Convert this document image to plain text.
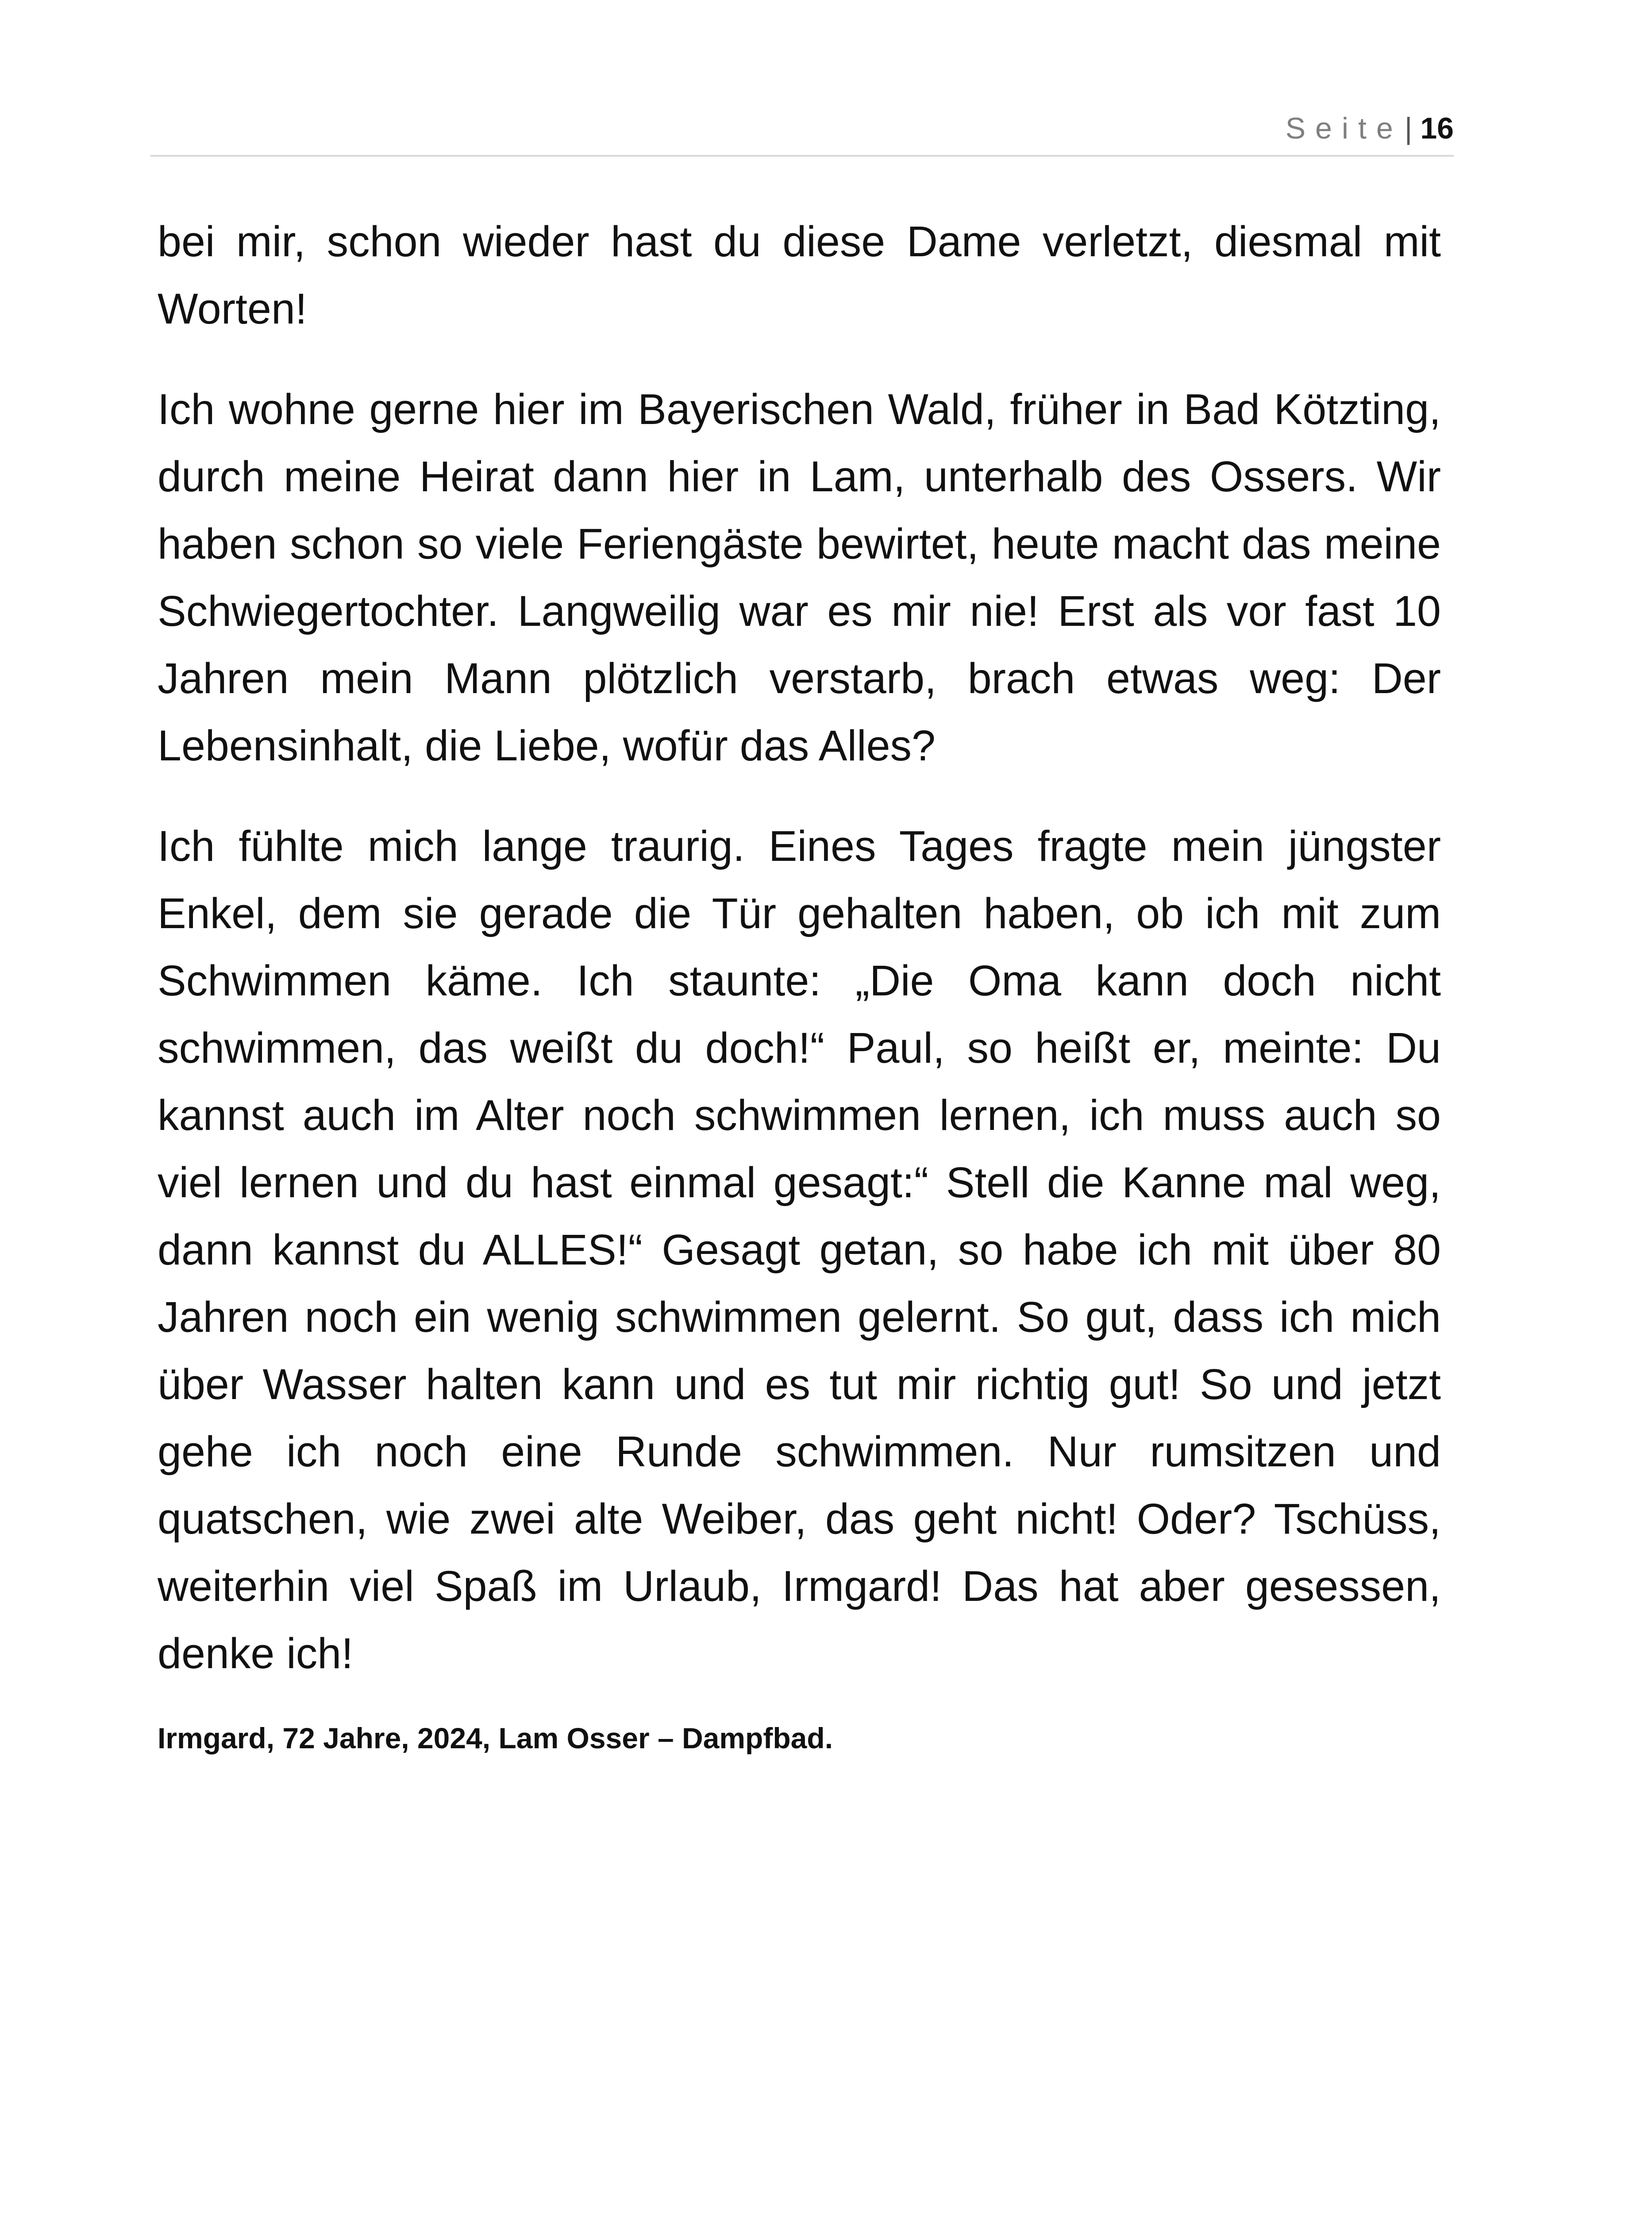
Seite| 16

bei mir, schon wieder hast du diese Dame verletzt, diesmal mit Worten!

Ich wohne gerne hier im Bayerischen Wald, früher in Bad Kötzting, durch meine Heirat dann hier in Lam, unterhalb des Ossers. Wir haben schon so viele Feriengäste bewirtet, heute macht das meine Schwiegertochter. Langweilig war es mir nie! Erst als vor fast 10 Jahren mein Mann plötzlich verstarb, brach etwas weg: Der Lebensinhalt, die Liebe, wofür das Alles?

Ich fühlte mich lange traurig. Eines Tages fragte mein jüngster Enkel, dem sie gerade die Tür gehalten haben, ob ich mit zum Schwimmen käme. Ich staunte: „Die Oma kann doch nicht schwimmen, das weißt du doch!“ Paul, so heißt er, meinte: Du kannst auch im Alter noch schwimmen lernen, ich muss auch so viel lernen und du hast einmal gesagt:“ Stell die Kanne mal weg, dann kannst du ALLES!“ Gesagt getan, so habe ich mit über 80 Jahren noch ein wenig schwimmen gelernt. So gut, dass ich mich über Wasser halten kann und es tut mir richtig gut! So und jetzt gehe ich noch eine Runde schwimmen. Nur rumsitzen und quatschen, wie zwei alte Weiber, das geht nicht! Oder? Tschüss, weiterhin viel Spaß im Urlaub, Irmgard! Das hat aber gesessen, denke ich!

Irmgard, 72 Jahre, 2024, Lam Osser – Dampfbad.
